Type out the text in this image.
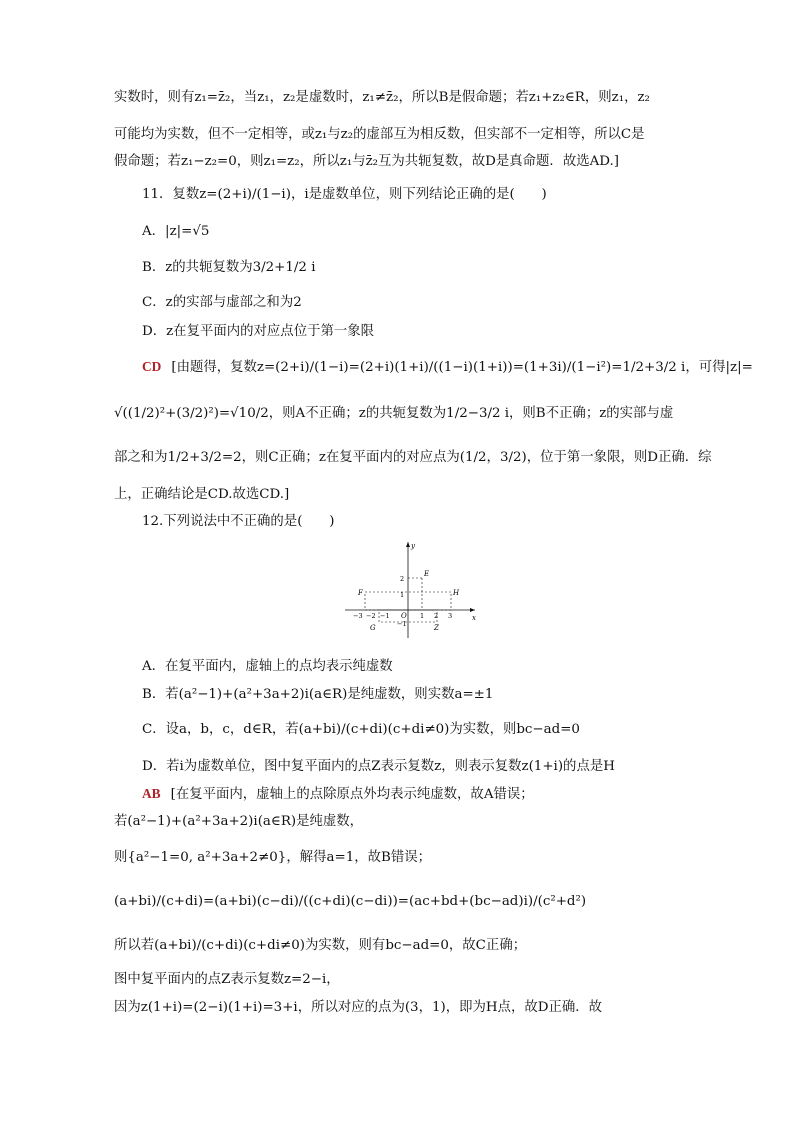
实数时，则有z₁=z̄₂，当z₁，z₂是虚数时，z₁≠z̄₂，所以B是假命题；若z₁+z₂∈R，则z₁，z₂
可能均为实数，但不一定相等，或z₁与z₂的虚部互为相反数，但实部不一定相等，所以C是
假命题；若z₁−z₂=0，则z₁=z₂，所以z₁与z̄₂互为共轭复数，故D是真命题．故选AD.]
11．复数z=(2+i)/(1−i)，i是虚数单位，则下列结论正确的是(　　)
A．|z|=√5
B．z的共轭复数为3/2+1/2 i
C．z的实部与虚部之和为2
D．z在复平面内的对应点位于第一象限
CD [由题得，复数z=(2+i)/(1−i)=(2+i)(1+i)/((1−i)(1+i))=(1+3i)/(1−i²)=1/2+3/2 i，可得|z|=
√((1/2)²+(3/2)²)=√10/2，则A不正确；z的共轭复数为1/2−3/2 i，则B不正确；z的实部与虚
部之和为1/2+3/2=2，则C正确；z在复平面内的对应点为(1/2，3/2)，位于第一象限，则D正确．综
上，正确结论是CD.故选CD.]
12.下列说法中不正确的是(　　)
x
y
O
−3 −2 −1	1 2 3
2
1
−1
E
F	H
G	Z
A．在复平面内，虚轴上的点均表示纯虚数
B．若(a²−1)+(a²+3a+2)i(a∈R)是纯虚数，则实数a=±1
C．设a，b，c，d∈R，若(a+bi)/(c+di)(c+di≠0)为实数，则bc−ad=0
D．若i为虚数单位，图中复平面内的点Z表示复数z，则表示复数z(1+i)的点是H
AB [在复平面内，虚轴上的点除原点外均表示纯虚数，故A错误；
若(a²−1)+(a²+3a+2)i(a∈R)是纯虚数，
则{a²−1=0, a²+3a+2≠0}，解得a=1，故B错误；
(a+bi)/(c+di)=(a+bi)(c−di)/((c+di)(c−di))=(ac+bd+(bc−ad)i)/(c²+d²)
所以若(a+bi)/(c+di)(c+di≠0)为实数，则有bc−ad=0，故C正确；
图中复平面内的点Z表示复数z=2−i，
因为z(1+i)=(2−i)(1+i)=3+i，所以对应的点为(3，1)，即为H点，故D正确．故
